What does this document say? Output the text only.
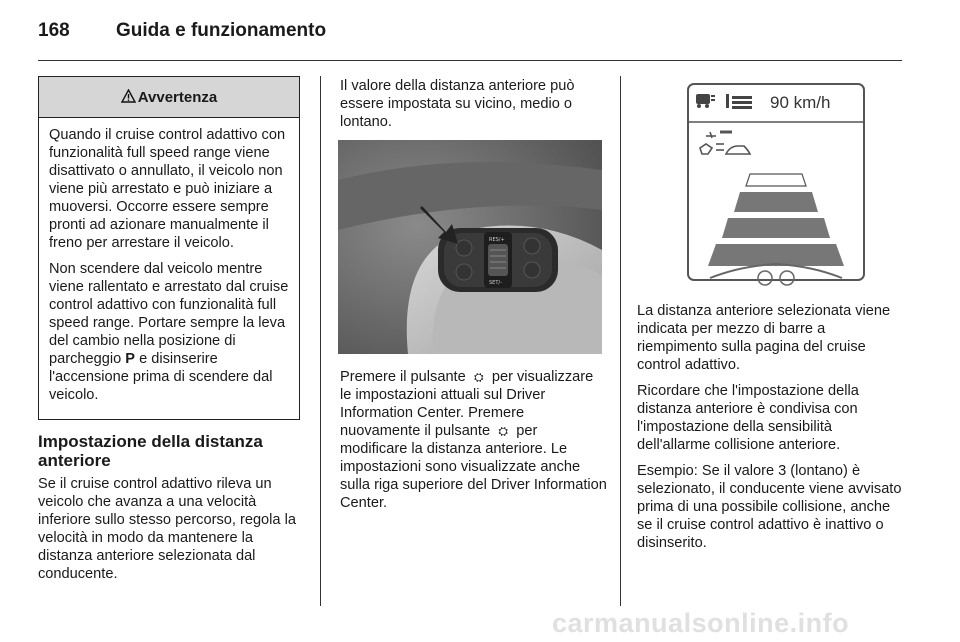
168	Guida e funzionamento
Avvertenza

Quando il cruise control adattivo con funzionalità full speed range viene disattivato o annullato, il veicolo non viene più arrestato e può iniziare a muoversi. Occorre essere sempre pronti ad azionare manualmente il freno per arrestare il veicolo.

Non scendere dal veicolo mentre viene rallentato e arrestato dal cruise control adattivo con funzionalità full speed range. Portare sempre la leva del cambio nella posizione di parcheggio P e disinserire l'accensione prima di scendere dal veicolo.

Impostazione della distanza anteriore
Se il cruise control adattivo rileva un veicolo che avanza a una velocità inferiore sullo stesso percorso, regola la velocità in modo da mantenere la distanza anteriore selezionata dal conducente.
Il valore della distanza anteriore può essere impostata su vicino, medio o lontano.
RES/+
SET/-

Premere il pulsante ⛭ per visualizzare le impostazioni attuali sul Driver Information Center. Premere nuovamente il pulsante ⛭ per modificare la distanza anteriore. Le impostazioni sono visualizzate anche sulla riga superiore del Driver Information Center.

90 km/h

La distanza anteriore selezionata viene indicata per mezzo di barre a riempimento sulla pagina del cruise control adattivo.

Ricordare che l'impostazione della distanza anteriore è condivisa con l'impostazione della sensibilità dell'allarme collisione anteriore.

Esempio: Se il valore 3 (lontano) è selezionato, il conducente viene avvisato prima di una possibile collisione, anche se il cruise control adattivo è inattivo o disinserito.

carmanualsonline.info
